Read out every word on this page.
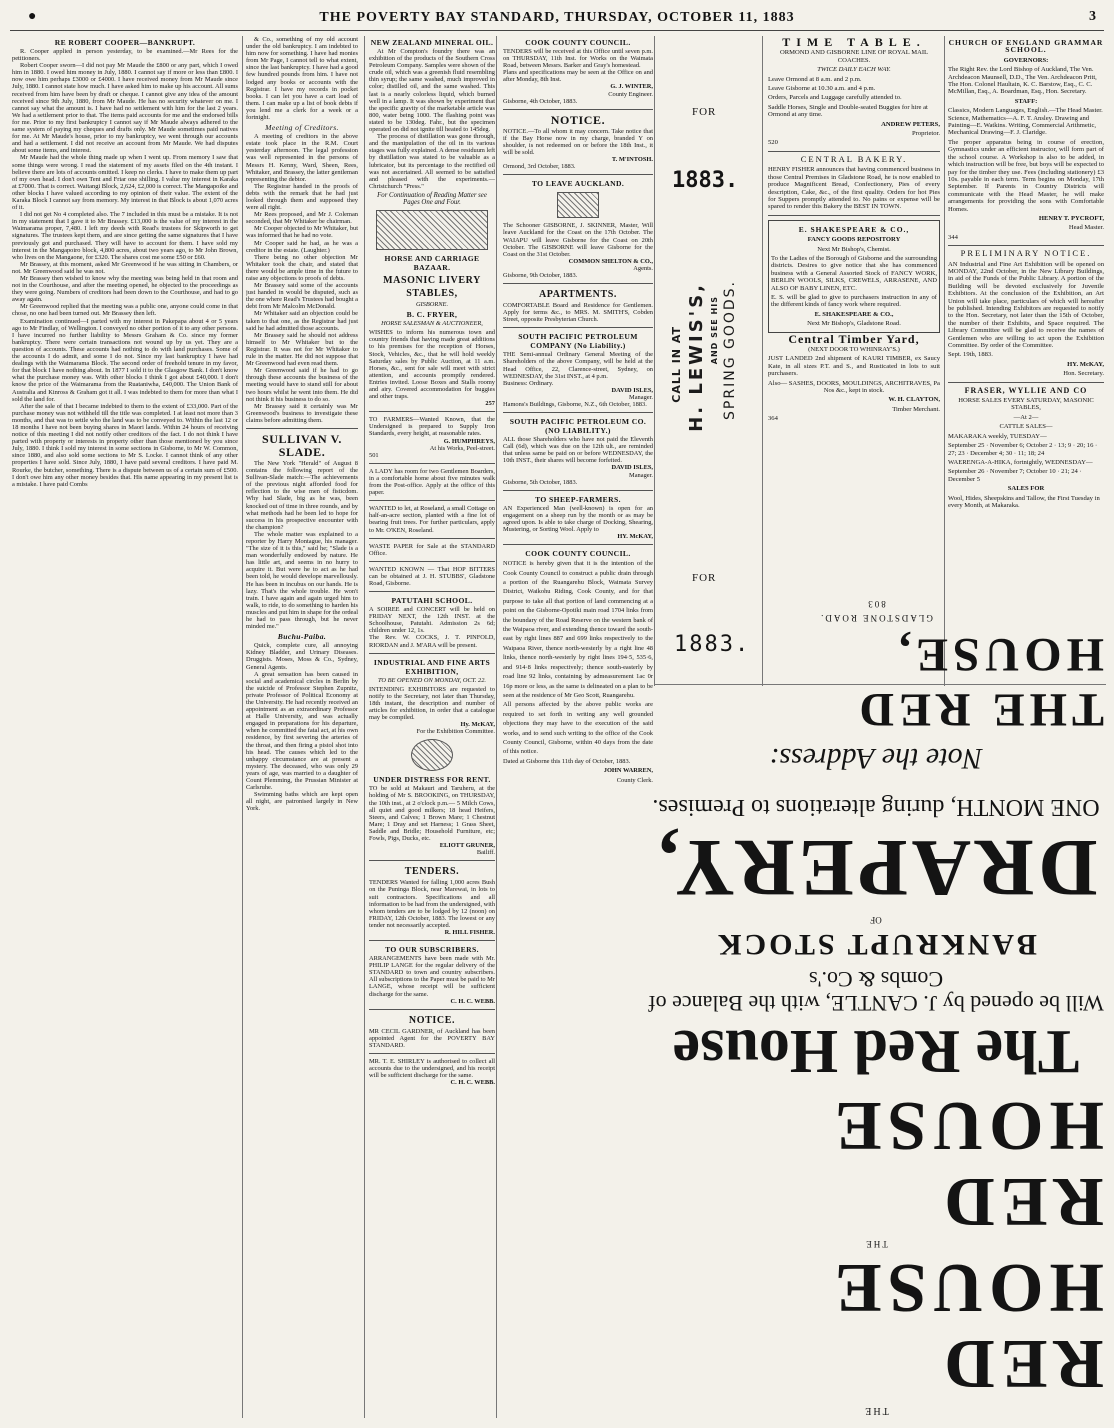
●	THE POVERTY BAY STANDARD, THURSDAY, OCTOBER 11, 1883	3
RE ROBERT COOPER—BANKRUPT.

R. Cooper applied in person yesterday, to be examined.—Mr Rees for the petitioners.

Robert Cooper sworn—I did not pay Mr Maude the £800 or any part, which I owed him in 1880. I owed him money in July, 1880. I cannot say if more or less than £800. I now owe him perhaps £3000 or £4000. I have received money from Mr Maude since July, 1880. I cannot state how much. I have asked him to make up his account. All sums received from him have been by draft or cheque. I cannot give any idea of the amount received since 9th July, 1880, from Mr Maude. He has no security whatever on me. I cannot say what the amount is. I have had no settlement with him for the last 2 years. We had a settlement prior to that. The items paid accounts for me and the endorsed bills for me. Prior to my first bankruptcy I cannot say if Mr Maude always adhered to the same system of paying my cheques and drafts only. Mr Maude sometimes paid natives for me. At Mr Maude's house, prior to my bankruptcy, we went through our accounts and had a settlement. I did not receive an account from Mr Maude. We had disputes about some items, and interest.

Mr Maude had the whole thing made up when I went up. From memory I saw that some things were wrong. I read the statement of my assets filed on the 4th instant. I believe there are lots of accounts omitted. I keep no clerks. I have to make them up part of my own head. I don't own Tent and Friar one shilling. I value my interest in Karaka at £7000. That is correct. Waitangi Block, 2,624, £2,000 is correct. The Mangapoike and other blocks I have valued according to my opinion of their value. The extent of the Karaka Block I cannot say from memory. My interest in that Block is about 1,070 acres of it.

I did not get No 4 completed also. The 7 included in this must be a mistake. It is not in my statement that I gave it to Mr Brassey. £13,000 is the value of my interest in the Waimarama proper, 7,480. I left my deeds with Read's trustees for Skipworth to get signatures. The trustees kept them, and are since getting the same signatures that I have previously got and purchased. They will have to account for them. I have sold my interest in the Mangapoiro block, 4,800 acres, about two years ago, to Mr John Brown, who lives on the Mangaone, for £320. The shares cost me some £50 or £60.

Mr Brassey, at this moment, asked Mr Greenwood if he was sitting in Chambers, or not. Mr Greenwood said he was not.

Mr Brassey then wished to know why the meeting was being held in that room and not in the Courthouse, and after the meeting opened, he objected to the proceedings as they were going. Numbers of creditors had been down to the Courthouse, and had to go away again.

Mr Greenwood replied that the meeting was a public one, anyone could come in that chose, no one had been turned out. Mr Brassey then left.

Examination continued—I parted with my interest in Pakepapa about 4 or 5 years ago to Mr Findlay, of Wellington. I conveyed no other portion of it to any other persons. I have incurred no further liability to Messrs Graham & Co. since my former bankruptcy. There were certain transactions not wound up by us yet. They are a question of accounts. These accounts had nothing to do with land purchases. Some of the accounts I do admit, and some I do not. Since my last bankruptcy I have had dealings with the Waimarama Block. The second order of freehold tenure in my favor, for that block I have nothing about. In 1877 I sold it to the Glasgow Bank. I don't know what the purchase money was. With other blocks I think I got about £40,000. I don't know the price of the Waimarama from the Ruataniwha, £40,000. The Union Bank of Australia and Kinross & Graham got it all. I was indebted to them for more than what I sold the land for.

After the sale of that I became indebted to them to the extent of £33,000. Part of the purchase money was not withheld till the title was completed. I at least not more than 3 months, and that was to settle who the land was to be conveyed to. Within the last 12 or 18 months I have not been buying shares in Maori lands. Within 24 hours of receiving notice of this meeting I did not notify other creditors of the fact. I do not think I have parted with property or interests in property other than those mentioned by you since July, 1880. I think I sold my interest in some sections in Gisborne, to Mr W. Common, since 1880, and also sold some sections to Mr S. Locke. I cannot think of any other properties I have sold. Since July, 1880, I have paid several creditors. I have paid M. Rourke, the butcher, something. There is a dispute between us of a certain sum of £500. I don't owe him any other money besides that. His name appearing in my present list is a mistake. I have paid Combs

& Co., something of my old account under the old bankruptcy. I am indebted to him now for something. I have had monies from Mr Page, I cannot tell to what extent, since the last bankruptcy. I have had a good few hundred pounds from him. I have not lodged any books or accounts with the Registrar. I have my records in pocket books. I can let you have a cart load of them. I can make up a list of book debts if you lend me a clerk for a week or a fortnight.

Meeting of Creditors.

A meeting of creditors in the above estate took place in the R.M. Court yesterday afternoon. The legal profession was well represented in the persons of Messrs H. Kenny, Ward, Sheen, Rees, Whitaker, and Brassey, the latter gentleman representing the debtor.

The Registrar handed in the proofs of debts with the remark that he had just looked through them and supposed they were all right.

Mr Rees proposed, and Mr J. Coleman seconded, that Mr Whitaker be chairman.

Mr Cooper objected to Mr Whitaker, but was informed that he had no vote.

Mr Cooper said he had, as he was a creditor in the estate. (Laughter.)

There being no other objection Mr Whitaker took the chair, and stated that there would be ample time in the future to raise any objections to proofs of debts.

Mr Brassey said some of the accounts just handed in would be disputed, such as the one where Read's Trustees had bought a debt from Mr Malcolm McDonald.

Mr Whitaker said an objection could be taken to that one, as the Registrar had just said he had admitted those accounts.

Mr Brassey said he should not address himself to Mr Whitaker but to the Registrar. It was not for Mr Whitaker to rule in the matter. He did not suppose that Mr Greenwood had even read them.

Mr Greenwood said if he had to go through these accounts the business of the meeting would have to stand still for about two hours whilst he went into them. He did not think it his business to do so.

Mr Brassey said it certainly was Mr Greenwood's business to investigate these claims before admitting them.

SULLIVAN V. SLADE.

The New York "Herald" of August 8 contains the following report of the Sullivan-Slade match:—The achievements of the previous night afforded food for reflection to the wise men of fisticdom. Why had Slade, big as he was, been knocked out of time in three rounds, and by what methods had he been led to hope for success in his prospective encounter with the champion?

The whole matter was explained to a reporter by Harry Montague, his manager. "The size of it is this," said he; "Slade is a man wonderfully endowed by nature. He has little art, and seems in no hurry to acquire it. But were he to act as he had been told, he would develope marvellously. He has been in incubus on our hands. He is lazy. That's the whole trouble. He won't train. I have again and again urged him to walk, to ride, to do something to harden his muscles and put him in shape for the ordeal he had to pass through, but he never minded me."

Buchu-Paiba.

Quick, complete cure, all annoying Kidney Bladder, and Urinary Diseases. Druggists. Moses, Moss & Co., Sydney, General Agents.

A great sensation has been caused in social and academical circles in Berlin by the suicide of Professor Stephen Zupnitz, private Professor of Political Economy at the University. He had recently received an appointment as an extraordinary Professor at Halle University, and was actually engaged in preparations for his departure, when he committed the fatal act, at his own residence, by first severing the arteries of the throat, and then firing a pistol shot into his head. The causes which led to the unhappy circumstance are at present a mystery. The deceased, who was only 29 years of age, was married to a daughter of Count Plemming, the Prussian Minister at Carlsruhe.

Swimming baths which are kept open all night, are patronised largely in New York.

NEW ZEALAND MINERAL OIL.

At Mr Compton's foundry there was an exhibition of the products of the Southern Cross Petroleum Company. Samples were shown of the crude oil, which was a greenish fluid resembling thin syrup; the same washed, much improved in color; distilled oil, and the same washed. This last is a nearly colorless liquid, which burned well in a lamp. It was shown by experiment that the specific gravity of the marketable article was 800, water being 1000. The flashing point was stated to be 130deg. Fahr., but the specimen operated on did not ignite till heated to 145deg.

The process of distillation was gone through, and the manipulation of the oil in its various stages was fully explained. A dense residuum left by distillation was stated to be valuable as a lubricator, but its percentage to the rectified oil was not ascertained. All seemed to be satisfied and pleased with the experiments.—Christchurch "Press."

For Continuation of Reading Matter see Pages One and Four.
HORSE AND CARRIAGE BAZAAR.
MASONIC LIVERY STABLES,
GISBORNE.
B. C. FRYER,
HORSE SALESMAN & AUCTIONEER,

WISHES to inform his numerous town and country friends that having made great additions to his premises for the reception of Horses, Stock, Vehicles, &c., that he will hold weekly Saturday sales by Public Auction, at 11 a.m. Horses, &c., sent for sale will meet with strict attention, and accounts promptly rendered. Entries invited. Loose Boxes and Stalls roomy and airy. Covered accommodation for buggies and other traps.

257

TO FARMERS—Wanted Known, that the Undersigned is prepared to Supply Iron Standards, every height, at reasonable rates.

G. HUMPHREYS,

At his Works, Peel-street.

501

A LADY has room for two Gentlemen Boarders, in a comfortable home about five minutes walk from the Post-office. Apply at the office of this paper.

WANTED to let, at Roseland, a small Cottage on half-an-acre section, planted with a fine lot of bearing fruit trees. For further particulars, apply to Mr. O'KEN, Roseland.

WASTE PAPER for Sale at the STANDARD Office.

WANTED KNOWN — That HOP BITTERS can be obtained at J. H. STUBBS', Gladstone Road, Gisborne.

PATUTAHI SCHOOL.

A SOIREE and CONCERT will be held on FRIDAY NEXT, the 12th INST. at the Schoolhouse, Patutahi. Admission 2s 6d; children under 12, 1s.

The Rev. W. COCKS, J. T. PINFOLD, RIORDAN and J. M'ARA will be present.

INDUSTRIAL AND FINE ARTS EXHIBITION,
TO BE OPENED ON MONDAY, OCT. 22.

INTENDING EXHIBITORS are requested to notify to the Secretary, not later than Thursday, 18th instant, the description and number of articles for exhibition, in order that a catalogue may be compiled.

Hy. McKAY,

For the Exhibition Committee.

UNDER DISTRESS FOR RENT.

TO be sold at Makauri and Taruheru, at the holding of Mr S. BROOKING, on THURSDAY, the 10th inst., at 2 o'clock p.m.— 5 Milch Cows, all quiet and good milkers; 18 head Heifers, Steers, and Calves; 1 Brown Mare; 1 Chestnut Mare; 1 Dray and set Harness; 1 Grass Sheet, Saddle and Bridle; Household Furniture, etc; Fowls, Pigs, Ducks, etc.

ELIOTT GRUNER,

Bailiff.

TENDERS.

TENDERS Wanted for falling 1,000 acres Bush on the Puninga Block, near Marewai, in lots to suit contractors. Specifications and all information to be had from the undersigned, with whom tenders are to be lodged by 12 (noon) on FRIDAY, 12th October, 1883. The lowest or any tender not necessarily accepted.

R. HILL FISHER.

TO OUR SUBSCRIBERS.

ARRANGEMENTS have been made with Mr. PHILIP LANGE for the regular delivery of the STANDARD to town and country subscribers. All subscriptions to the Paper must be paid to Mr LANGE, whose receipt will be sufficient discharge for the same.

C. H. C. WEBB.

NOTICE.

MR CECIL GARDNER, of Auckland has been appointed Agent for the POVERTY BAY STANDARD.

MR. T. E. SHIRLEY is authorised to collect all accounts due to the undersigned, and his receipt will be sufficient discharge for the same.

C. H. C. WEBB.

COOK COUNTY COUNCIL.

TENDERS will be received at this Office until seven p.m. on THURSDAY, 11th Inst. for Works on the Waimata Road, between Messrs. Barker and Gray's homestead.

Plans and specifications may be seen at the Office on and after Monday, 8th Inst.

G. J. WINTER,

County Engineer.

Gisborne, 4th October, 1883.

NOTICE.

NOTICE.—To all whom it may concern. Take notice that if the Bay Horse now in my charge, branded Y on shoulder, is not redeemed on or before the 18th Inst., it will be sold.

T. M'INTOSH.

Ormond, 3rd October, 1883.

TO LEAVE AUCKLAND.

The Schooner GISBORNE, J. SKINNER, Master, Will leave Auckland for the Coast on the 17th October. The WAIAPU will leave Gisborne for the Coast on 20th October. The GISBORNE will leave Gisborne for the Coast on the 31st October.

COMMON SHELTON & CO.,

Agents.

Gisborne, 9th October, 1883.

APARTMENTS.

COMFORTABLE Board and Residence for Gentlemen. Apply for terms &c., to MRS. M. SMITH'S, Cobden Street, opposite Presbyterian Church.

SOUTH PACIFIC PETROLEUM COMPANY (No Liability.)

THE Semi-annual Ordinary General Meeting of the Shareholders of the above Company, will be held at the Head Office, 22, Clarence-street, Sydney, on WEDNESDAY, the 31st INST., at 4 p.m.

Business: Ordinary.

DAVID ISLES,

Manager.

Hamons's Buildings, Gisborne, N.Z., 6th October, 1883.

SOUTH PACIFIC PETROLEUM CO. (NO LIABILITY.)

ALL those Shareholders who have not paid the Eleventh Call (6d), which was due on the 12th ult., are reminded that unless same be paid on or before WEDNESDAY, the 10th INST., their shares will become forfeited.

DAVID ISLES,

Manager.

Gisborne, 5th October, 1883.

TO SHEEP-FARMERS.

AN Experienced Man (well-known) is open for an engagement on a sheep run by the month or as may be agreed upon. Is able to take charge of Docking, Shearing, Mustering, or Sorting Wool. Apply to

HY. McKAY,

COOK COUNTY COUNCIL.

NOTICE is hereby given that it is the intention of the Cook County Council to construct a public drain through a portion of the Ruangarehu Block, Waimata Survey District, Waikohu Riding, Cook County, and for that purpose to take all that portion of land commencing at a point on the Gisborne-Opotiki main road 1704 links from the boundary of the Road Reserve on the western bank of the Waipaoa river, and extending thence toward the south-east by right lines 887 and 699 links respectively to the Waipaoa River, thence north-westerly by a right line 48 links, thence north-westerly by right lines 194·5, 535·6, and 914·8 links respectively; thence south-easterly by road line 92 links, containing by admeasurement 1ac 0r 16p more or less, as the same is delineated on a plan to be seen at the residence of Mr Geo Scott, Ruangarehu.

All persons affected by the above public works are required to set forth in writing any well grounded objections they may have to the execution of the said works, and to send such writing to the office of the Cook County Council, Gisborne, within 40 days from the date of this notice.

Dated at Gisborne this 11th day of October, 1883.

JOHN WARREN,

County Clerk.

FOR
1883.
CALL IN AT H. LEWIS'S, AND SEE HIS SPRING GOODS.
FOR
1883.
TIME TABLE.

ORMOND AND GISBORNE LINE OF ROYAL MAIL COACHES.

TWICE DAILY EACH WAY.

Leave Ormond at 8 a.m. and 2 p.m.

Leave Gisborne at 10.30 a.m. and 4 p.m.

Orders, Parcels and Luggage carefully attended to.

Saddle Horses, Single and Double-seated Buggies for hire at Ormond at any time.

ANDREW PETERS,

Proprietor.

520

CENTRAL BAKERY.

HENRY FISHER announces that having commenced business in those Central Premises in Gladstone Road, he is now enabled to produce Magnificent Bread, Confectionery, Pies of every description, Cake, &c., of the first quality. Orders for hot Pies for Suppers promptly attended to. No pains or expense will be spared to render this Bakery the BEST IN TOWN.

E. SHAKESPEARE & CO.,

FANCY GOODS REPOSITORY

Next Mr Bishop's, Chemist.

To the Ladies of the Borough of Gisborne and the surrounding districts. Desires to give notice that she has commenced business with a General Assorted Stock of FANCY WORK, BERLIN WOOLS, SILKS, CREWELS, ARRASENE, AND ALSO OF BABY LINEN, ETC.

E. S. will be glad to give to purchasers instruction in any of the different kinds of fancy work where required.

E. SHAKESPEARE & CO.,

Next Mr Bishop's, Gladstone Road.

Central Timber Yard,

(NEXT DOOR TO WHINRAY'S.)

JUST LANDED 2nd shipment of KAURI TIMBER, ex Saucy Kate, in all sizes P.T. and S., and Rusticated in lots to suit purchasers.

Also— SASHES, DOORS, MOULDINGS, ARCHITRAVES, Pa Nos &c., kept in stock.

W. H. CLAYTON,

Timber Merchant.

364

CHURCH OF ENGLAND GRAMMAR SCHOOL.

GOVERNORS:

The Right Rev. the Lord Bishop of Auckland, The Ven. Archdeacon Maunsell, D.D., The Ven. Archdeacon Pritt, The Hon. Colonel Haultain, K. C. Barstow, Esq., C. C. McMillan, Esq., A. Boardman, Esq., Hon. Secretary.

STAFF:

Classics, Modern Languages, English.—The Head Master. Science, Mathematics—A. F. T. Ansley. Drawing and Painting—E. Watkins. Writing, Commercial Arithmetic, Mechanical Drawing—F. J. Claridge.

The proper apparatus being in course of erection, Gymnastics under an efficient instructor, will form part of the school course. A Workshop is also to be added, in which instruction will be free, but boys will be expected to pay for the timber they use. Fees (including stationery) £3 10s. payable in each term. Term begins on Monday, 17th September. If Parents in Country Districts will communicate with the Head Master, he will make arrangements for providing the sons with Comfortable Homes.

HENRY T. PYCROFT,

Head Master.

344

PRELIMINARY NOTICE.

AN Industrial and Fine Art Exhibition will be opened on MONDAY, 22nd October, in the New Library Buildings, in aid of the Funds of the Public Library. A portion of the Building will be devoted exclusively for Juvenile Exhibitors. At the conclusion of the Exhibition, an Art Union will take place, particulars of which will hereafter be published. Intending Exhibitors are requested to notify to the Hon. Secretary, not later than the 15th of October, the number of their Exhibits, and Space required. The Library Committee will be glad to receive the names of Gentlemen who are willing to act upon the Exhibition Committee. By order of the Committee.

Sept. 19th, 1883.

HY. McKAY,

Hon. Secretary.

FRASER, WYLLIE AND CO

HORSE SALES EVERY SATURDAY, MASONIC STABLES,

—At 2—

CATTLE SALES—

MAKARAKA weekly, TUESDAY—

September 25 · November 6; October 2 · 13; 9 · 20; 16 · 27; 23 · December 4; 30 · 11; 18; 24

WAERENGA-A-HIKA, fortnightly, WEDNESDAY—

September 26 · November 7; October 10 · 21; 24 · December 5

SALES FOR

Wool, Hides, Sheepskins and Tallow, the First Tuesday in every Month, at Makaraka.

THE
RED HOUSE
THE
RED HOUSE
The Red House
Will be opened by J. CANTLE, with the Balance of Combs & Co.'s
BANKRUPT STOCK
OF
DRAPERY,
ONE MONTH, during alterations to Premises.
Note the Address:
THE RED HOUSE,
GLADSTONE ROAD.
803
